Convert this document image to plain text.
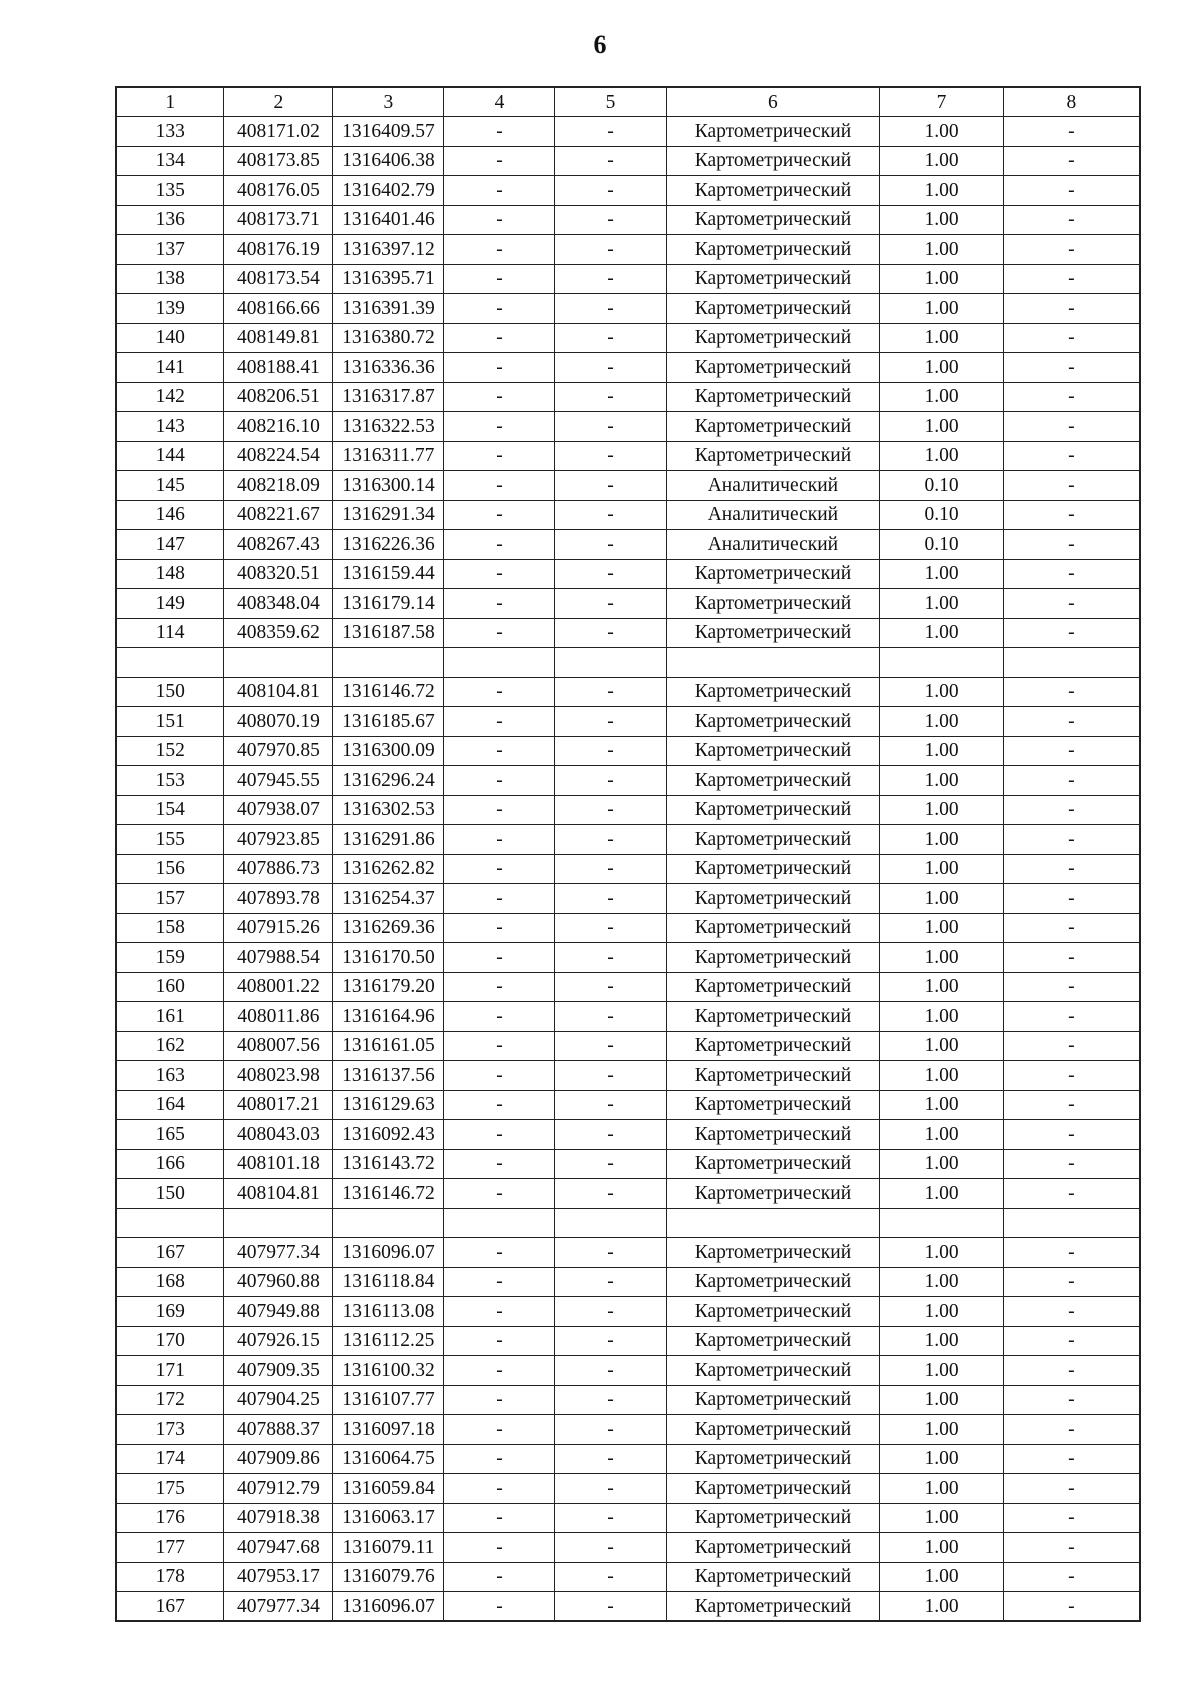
6
1	2	3	4	5	6	7	8
133	408171.02	1316409.57	-	-	Картометрический	1.00	-
134	408173.85	1316406.38	-	-	Картометрический	1.00	-
135	408176.05	1316402.79	-	-	Картометрический	1.00	-
136	408173.71	1316401.46	-	-	Картометрический	1.00	-
137	408176.19	1316397.12	-	-	Картометрический	1.00	-
138	408173.54	1316395.71	-	-	Картометрический	1.00	-
139	408166.66	1316391.39	-	-	Картометрический	1.00	-
140	408149.81	1316380.72	-	-	Картометрический	1.00	-
141	408188.41	1316336.36	-	-	Картометрический	1.00	-
142	408206.51	1316317.87	-	-	Картометрический	1.00	-
143	408216.10	1316322.53	-	-	Картометрический	1.00	-
144	408224.54	1316311.77	-	-	Картометрический	1.00	-
145	408218.09	1316300.14	-	-	Аналитический	0.10	-
146	408221.67	1316291.34	-	-	Аналитический	0.10	-
147	408267.43	1316226.36	-	-	Аналитический	0.10	-
148	408320.51	1316159.44	-	-	Картометрический	1.00	-
149	408348.04	1316179.14	-	-	Картометрический	1.00	-
114	408359.62	1316187.58	-	-	Картометрический	1.00	-

150	408104.81	1316146.72	-	-	Картометрический	1.00	-
151	408070.19	1316185.67	-	-	Картометрический	1.00	-
152	407970.85	1316300.09	-	-	Картометрический	1.00	-
153	407945.55	1316296.24	-	-	Картометрический	1.00	-
154	407938.07	1316302.53	-	-	Картометрический	1.00	-
155	407923.85	1316291.86	-	-	Картометрический	1.00	-
156	407886.73	1316262.82	-	-	Картометрический	1.00	-
157	407893.78	1316254.37	-	-	Картометрический	1.00	-
158	407915.26	1316269.36	-	-	Картометрический	1.00	-
159	407988.54	1316170.50	-	-	Картометрический	1.00	-
160	408001.22	1316179.20	-	-	Картометрический	1.00	-
161	408011.86	1316164.96	-	-	Картометрический	1.00	-
162	408007.56	1316161.05	-	-	Картометрический	1.00	-
163	408023.98	1316137.56	-	-	Картометрический	1.00	-
164	408017.21	1316129.63	-	-	Картометрический	1.00	-
165	408043.03	1316092.43	-	-	Картометрический	1.00	-
166	408101.18	1316143.72	-	-	Картометрический	1.00	-
150	408104.81	1316146.72	-	-	Картометрический	1.00	-

167	407977.34	1316096.07	-	-	Картометрический	1.00	-
168	407960.88	1316118.84	-	-	Картометрический	1.00	-
169	407949.88	1316113.08	-	-	Картометрический	1.00	-
170	407926.15	1316112.25	-	-	Картометрический	1.00	-
171	407909.35	1316100.32	-	-	Картометрический	1.00	-
172	407904.25	1316107.77	-	-	Картометрический	1.00	-
173	407888.37	1316097.18	-	-	Картометрический	1.00	-
174	407909.86	1316064.75	-	-	Картометрический	1.00	-
175	407912.79	1316059.84	-	-	Картометрический	1.00	-
176	407918.38	1316063.17	-	-	Картометрический	1.00	-
177	407947.68	1316079.11	-	-	Картометрический	1.00	-
178	407953.17	1316079.76	-	-	Картометрический	1.00	-
167	407977.34	1316096.07	-	-	Картометрический	1.00	-
